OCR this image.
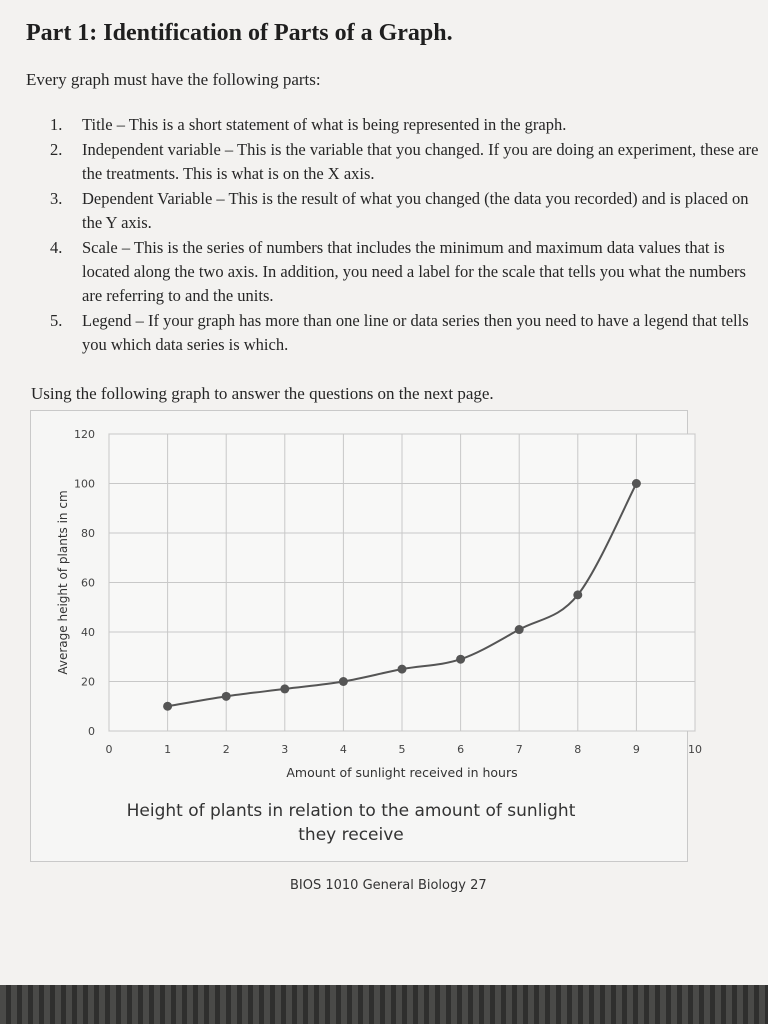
Part 1: Identification of Parts of a Graph.

Every graph must have the following parts:

1.	Title – This is a short statement of what is being represented in the graph.
2.	Independent variable – This is the variable that you changed. If you are doing an experiment, these are the treatments. This is what is on the X axis.
3.	Dependent Variable – This is the result of what you changed (the data you recorded) and is placed on the Y axis.
4.	Scale – This is the series of numbers that includes the minimum and maximum data values that is located along the two axis. In addition, you need a label for the scale that tells you what the numbers are referring to and the units.
5.	Legend – If your graph has more than one line or data series then you need to have a legend that tells you which data series is which.

Using the following graph to answer the questions on the next page.

0
20
40
60
80
100
120
0	1	2	3	4	5	6	7	8	9	10
Average height of plants in cm
Amount of sunlight received in hours

Height of plants in relation to the amount of sunlight they receive

BIOS 1010 General Biology 27
